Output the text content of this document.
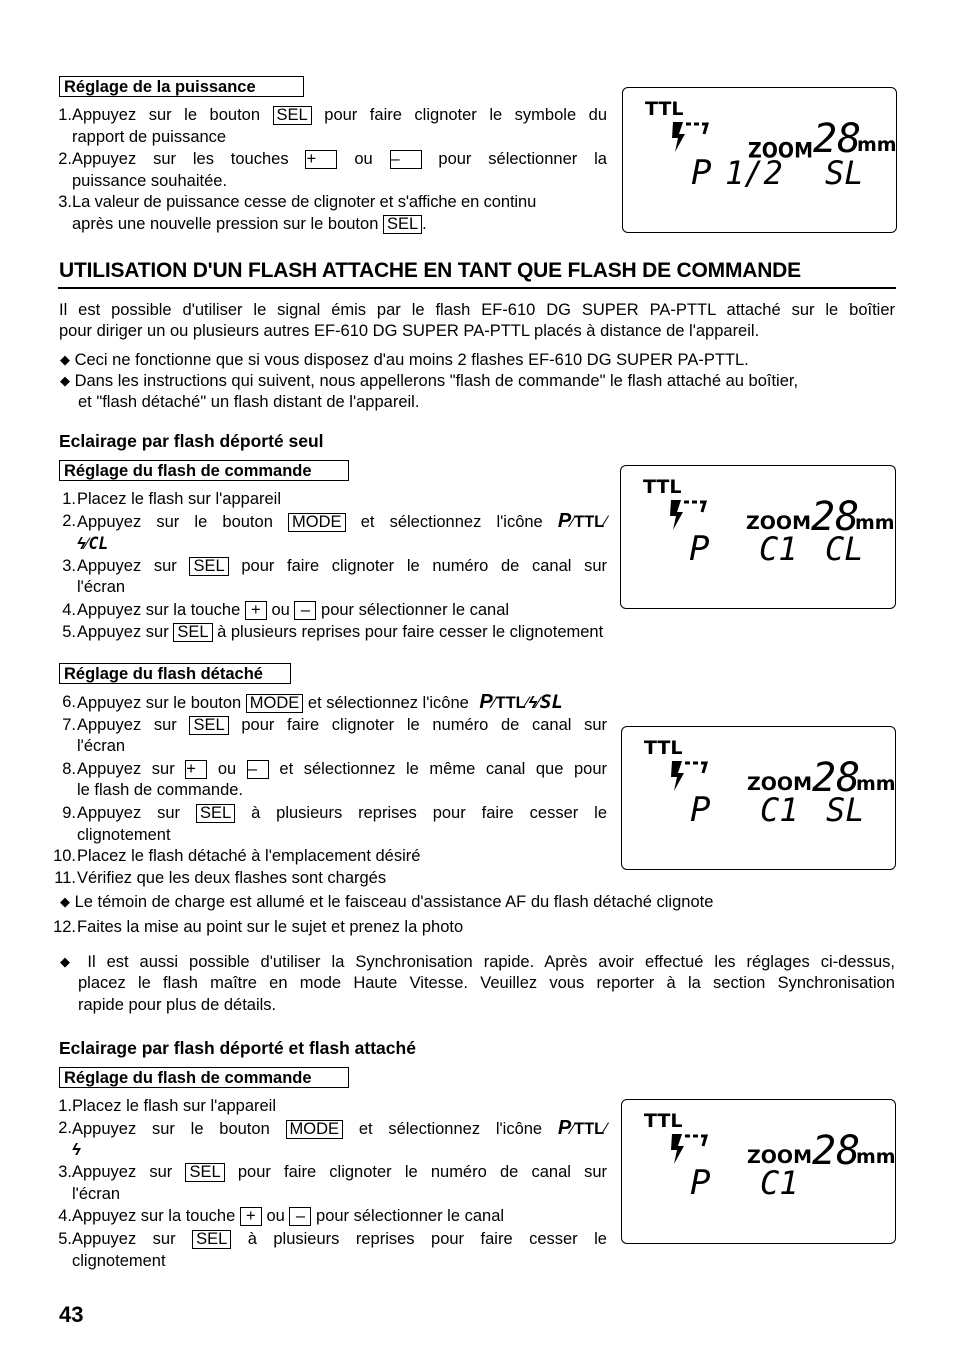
Réglage de la puissance
1. Appuyez sur le bouton SEL pour faire clignoter le symbole du
rapport de puissance
2. Appuyez sur les touches + ou – pour sélectionner la
puissance souhaitée.
3. La valeur de puissance cesse de clignoter et s'affiche en continu
après une nouvelle pression sur le bouton SEL .
TTL
ZOOM 28
mm
P 1/2 SL
UTILISATION D'UN FLASH ATTACHE EN TANT QUE FLASH DE COMMANDE
Il est possible d'utiliser le signal émis par le flash EF-610 DG SUPER PA-PTTL attaché sur le boîtier
pour diriger un ou plusieurs autres EF-610 DG SUPER PA-PTTL placés à distance de l'appareil.
◆ Ceci ne fonctionne que si vous disposez d'au moins 2 flashes EF-610 DG SUPER PA-PTTL.
◆ Dans les instructions qui suivent, nous appellerons "flash de commande" le flash attaché au boîtier,
et "flash détaché" un flash distant de l'appareil.
Eclairage par flash déporté seul
Réglage du flash de commande
1. Placez le flash sur l'appareil
2. Appuyez sur le bouton MODE et sélectionnez l'icône P∕TTL∕
ϟ∕CL
3. Appuyez sur SEL pour faire clignoter le numéro de canal sur
l'écran
4. Appuyez sur la touche + ou – pour sélectionner le canal
5. Appuyez sur SEL à plusieurs reprises pour faire cesser le clignotement
TTL
ZOOM 28
mm
P C1 CL
Réglage du flash détaché
6. Appuyez sur le bouton MODE et sélectionnez l'icône P∕TTL∕ϟ∕SL
7. Appuyez sur SEL pour faire clignoter le numéro de canal sur
l'écran
8. Appuyez sur + ou – et sélectionnez le même canal que pour
le flash de commande.
9. Appuyez sur SEL à plusieurs reprises pour faire cesser le
clignotement
10. Placez le flash détaché à l'emplacement désiré
11. Vérifiez que les deux flashes sont chargés
◆ Le témoin de charge est allumé et le faisceau d'assistance AF du flash détaché clignote
12. Faites la mise au point sur le sujet et prenez la photo
◆ Il est aussi possible d'utiliser la Synchronisation rapide. Après avoir effectué les réglages ci-dessus,
placez le flash maître en mode Haute Vitesse. Veuillez vous reporter à la section Synchronisation
rapide pour plus de détails.
TTL
ZOOM 28
mm
P C1 SL
Eclairage par flash déporté et flash attaché
Réglage du flash de commande
1. Placez le flash sur l'appareil
2. Appuyez sur le bouton MODE et sélectionnez l'icône P∕TTL∕
ϟ
3. Appuyez sur SEL pour faire clignoter le numéro de canal sur
l'écran
4. Appuyez sur la touche + ou – pour sélectionner le canal
5. Appuyez sur SEL à plusieurs reprises pour faire cesser le
clignotement
TTL
ZOOM 28
mm
P C1
43
